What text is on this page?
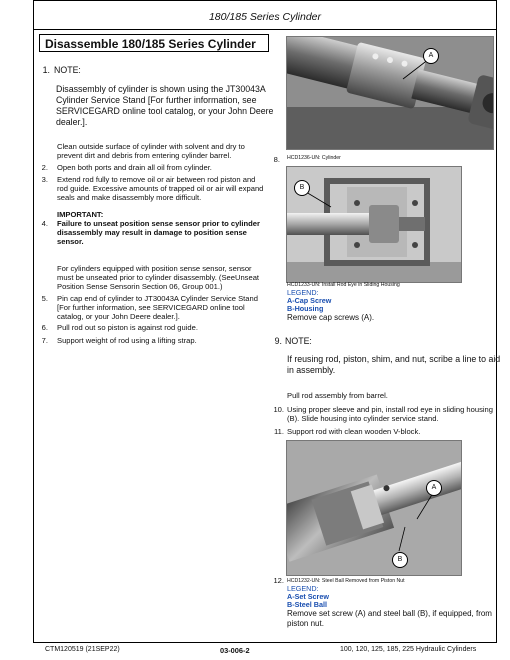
180/185 Series Cylinder
Disassemble 180/185 Series Cylinder
1. NOTE:
Disassembly of cylinder is shown using the JT30043A
Cylinder Service Stand [For further information, see
SERVICEGARD online tool catalog, or your John Deere
dealer.].
Clean outside surface of cylinder with solvent and dry to
prevent dirt and debris from entering cylinder barrel.
2. Open both ports and drain all oil from cylinder.
3. Extend rod fully to remove oil or air between rod piston and
rod guide. Excessive amounts of trapped oil or air will expand
seals and make disassembly more difficult.
IMPORTANT:
4. Failure to unseat position sense sensor prior to cylinder
disassembly may result in damage to position sense
sensor.
For cylinders equipped with position sense sensor, sensor
must be unseated prior to cylinder disassembly. (SeeUnseat
Position Sense Sensorin Section 06, Group 001.)
5. Pin cap end of cylinder to JT30043A Cylinder Service Stand
[For further information, see SERVICEGARD online tool
catalog, or your John Deere dealer.].
6. Pull rod out so piston is against rod guide.
7. Support weight of rod using a lifting strap.
A
8. HCD1236-UN: Cylinder
B
HCD1233-UN: Install Rod Eye in Sliding Housing
LEGEND:
A-Cap Screw
B-Housing
Remove cap screws (A).
9. NOTE:
If reusing rod, piston, shim, and nut, scribe a line to aid
in assembly.
Pull rod assembly from barrel.
10. Using proper sleeve and pin, install rod eye in sliding housing
(B). Slide housing into cylinder service stand.
11. Support rod with clean wooden V-block.
A
B
12. HCD1232-UN: Steel Ball Removed from Piston Nut
LEGEND:
A-Set Screw
B-Steel Ball
Remove set screw (A) and steel ball (B), if equipped, from
piston nut.
CTM120519 (21SEP22)	03-006-2	100, 120, 125, 185, 225 Hydraulic Cylinders
